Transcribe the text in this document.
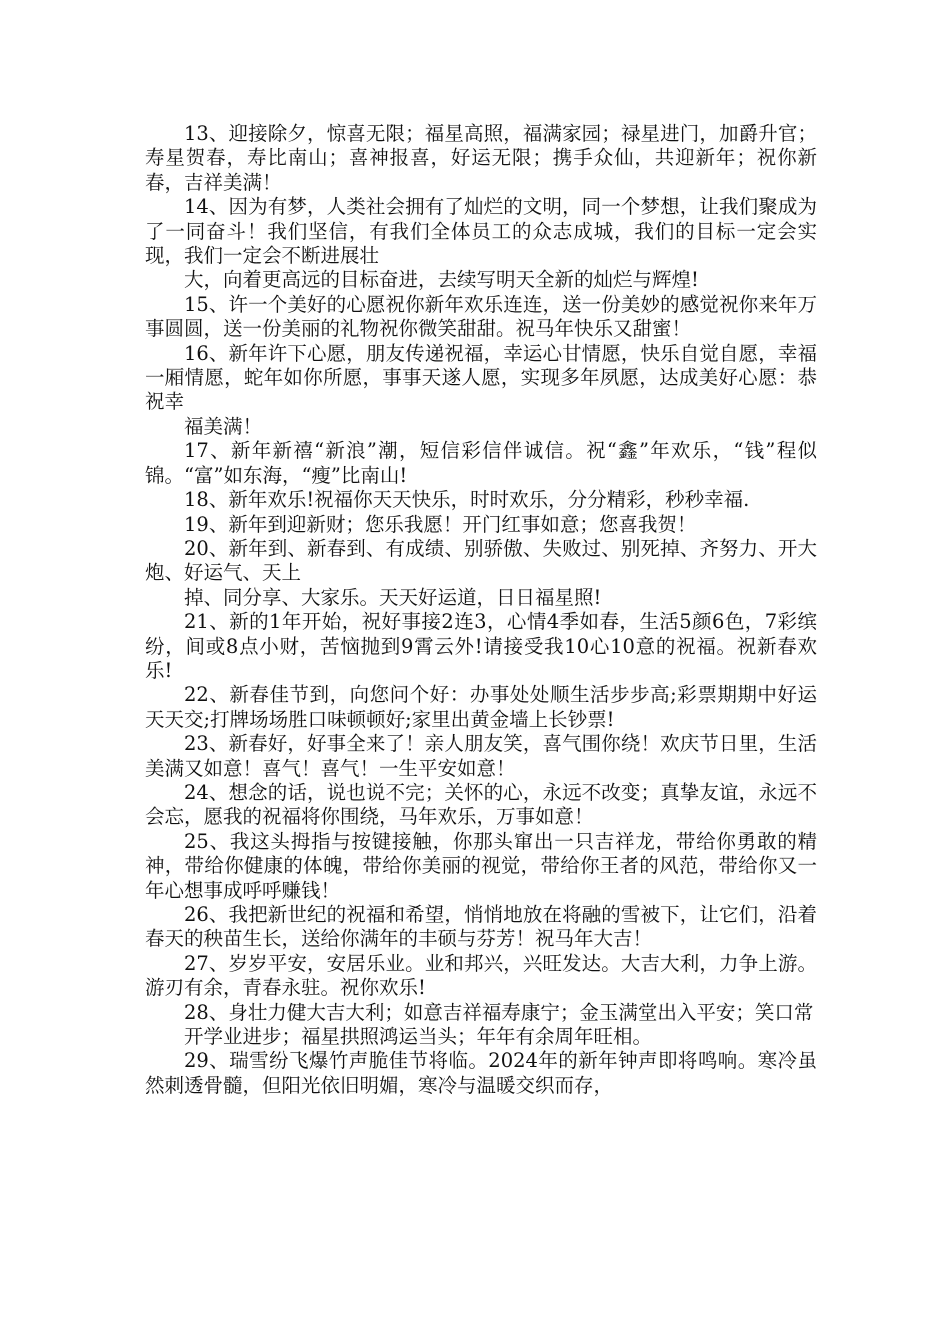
13、迎接除夕，惊喜无限；福星高照，福满家园；禄星进门，加爵升官；寿星贺春，寿比南山；喜神报喜，好运无限；携手众仙，共迎新年；祝你新春，吉祥美满！

14、因为有梦，人类社会拥有了灿烂的文明，同一个梦想，让我们聚成为了一同奋斗！我们坚信，有我们全体员工的众志成城，我们的目标一定会实现，我们一定会不断进展壮

大，向着更高远的目标奋进，去续写明天全新的灿烂与辉煌!

15、许一个美好的心愿祝你新年欢乐连连，送一份美妙的感觉祝你来年万事圆圆，送一份美丽的礼物祝你微笑甜甜。祝马年快乐又甜蜜！

16、新年许下心愿，朋友传递祝福，幸运心甘情愿，快乐自觉自愿，幸福一厢情愿，蛇年如你所愿，事事天遂人愿，实现多年夙愿，达成美好心愿：恭祝幸

福美满！

17、新年新禧“新浪”潮，短信彩信伴诚信。祝“鑫”年欢乐，“钱”程似锦。“富”如东海，“瘦”比南山!

18、新年欢乐!祝福你天天快乐，时时欢乐，分分精彩，秒秒幸福.

19、新年到迎新财；您乐我愿！开门红事如意；您喜我贺！

20、新年到、新春到、有成绩、别骄傲、失败过、别死掉、齐努力、开大炮、好运气、天上

掉、同分享、大家乐。天天好运道，日日福星照!

21、新的1年开始，祝好事接2连3，心情4季如春，生活5颜6色，7彩缤纷，间或8点小财，苦恼抛到9霄云外!请接受我10心10意的祝福。祝新春欢乐!

22、新春佳节到，向您问个好：办事处处顺生活步步高;彩票期期中好运天天交;打牌场场胜口味顿顿好;家里出黄金墙上长钞票!

23、新春好，好事全来了！亲人朋友笑，喜气围你绕！欢庆节日里，生活美满又如意！喜气！喜气！一生平安如意！

24、想念的话，说也说不完；关怀的心，永远不改变；真挚友谊，永远不会忘，愿我的祝福将你围绕，马年欢乐，万事如意！

25、我这头拇指与按键接触，你那头窜出一只吉祥龙，带给你勇敢的精神，带给你健康的体魄，带给你美丽的视觉，带给你王者的风范，带给你又一年心想事成呼呼赚钱！

26、我把新世纪的祝福和希望，悄悄地放在将融的雪被下，让它们，沿着春天的秧苗生长，送给你满年的丰硕与芬芳！祝马年大吉！

27、岁岁平安，安居乐业。业和邦兴，兴旺发达。大吉大利，力争上游。游刃有余，青春永驻。祝你欢乐!

28、身壮力健大吉大利；如意吉祥福寿康宁；金玉满堂出入平安；笑口常

开学业进步；福星拱照鸿运当头；年年有余周年旺相。

29、瑞雪纷飞爆竹声脆佳节将临。2024年的新年钟声即将鸣响。寒冷虽然刺透骨髓，但阳光依旧明媚，寒冷与温暖交织而存，
